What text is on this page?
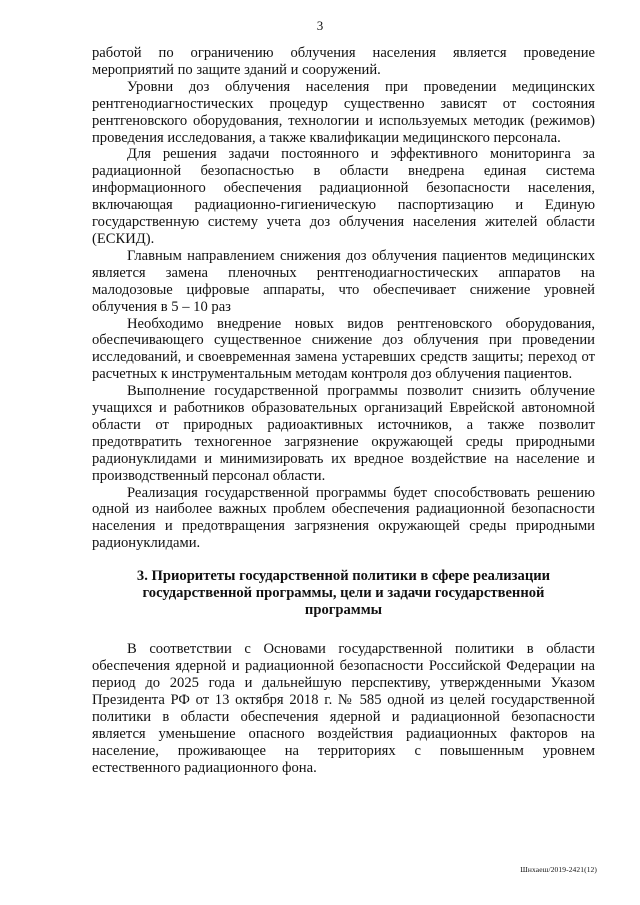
3

работой по ограничению облучения населения является проведение мероприятий по защите зданий и сооружений.

Уровни доз облучения населения при проведении медицинских рентгенодиагностических процедур существенно зависят от состояния рентгеновского оборудования, технологии и используемых методик (режимов) проведения исследования, а также квалификации медицинского персонала.

Для решения задачи постоянного и эффективного мониторинга за радиационной безопасностью в области внедрена единая система информационного обеспечения радиационной безопасности населения, включающая радиационно-гигиеническую паспортизацию и Единую государственную систему учета доз облучения населения жителей области (ЕСКИД).

Главным направлением снижения доз облучения пациентов медицинских является замена пленочных рентгенодиагностических аппаратов на малодозовые цифровые аппараты, что обеспечивает снижение уровней облучения в 5 – 10 раз

Необходимо внедрение новых видов рентгеновского оборудования, обеспечивающего существенное снижение доз облучения при проведении исследований, и своевременная замена устаревших средств защиты; переход от расчетных к инструментальным методам контроля доз облучения пациентов.

Выполнение государственной программы позволит снизить облучение учащихся и работников образовательных организаций Еврейской автономной области от природных радиоактивных источников, а также позволит предотвратить техногенное загрязнение окружающей среды природными радионуклидами и минимизировать их вредное воздействие на население и производственный персонал области.

Реализация государственной программы будет способствовать решению одной из наиболее важных проблем обеспечения радиационной безопасности населения и предотвращения загрязнения окружающей среды природными радионуклидами.

3. Приоритеты государственной политики в сфере реализации государственной программы, цели и задачи государственной программы

В соответствии с Основами государственной политики в области обеспечения ядерной и радиационной безопасности Российской Федерации на период до 2025 года и дальнейшую перспективу, утвержденными Указом Президента РФ от 13 октября 2018 г. № 585 одной из целей государственной политики в области обеспечения ядерной и радиационной безопасности является уменьшение опасного воздействия радиационных факторов на население, проживающее на территориях с повышенным уровнем естественного радиационного фона.

Шнхаеш/2019-2421(12)
